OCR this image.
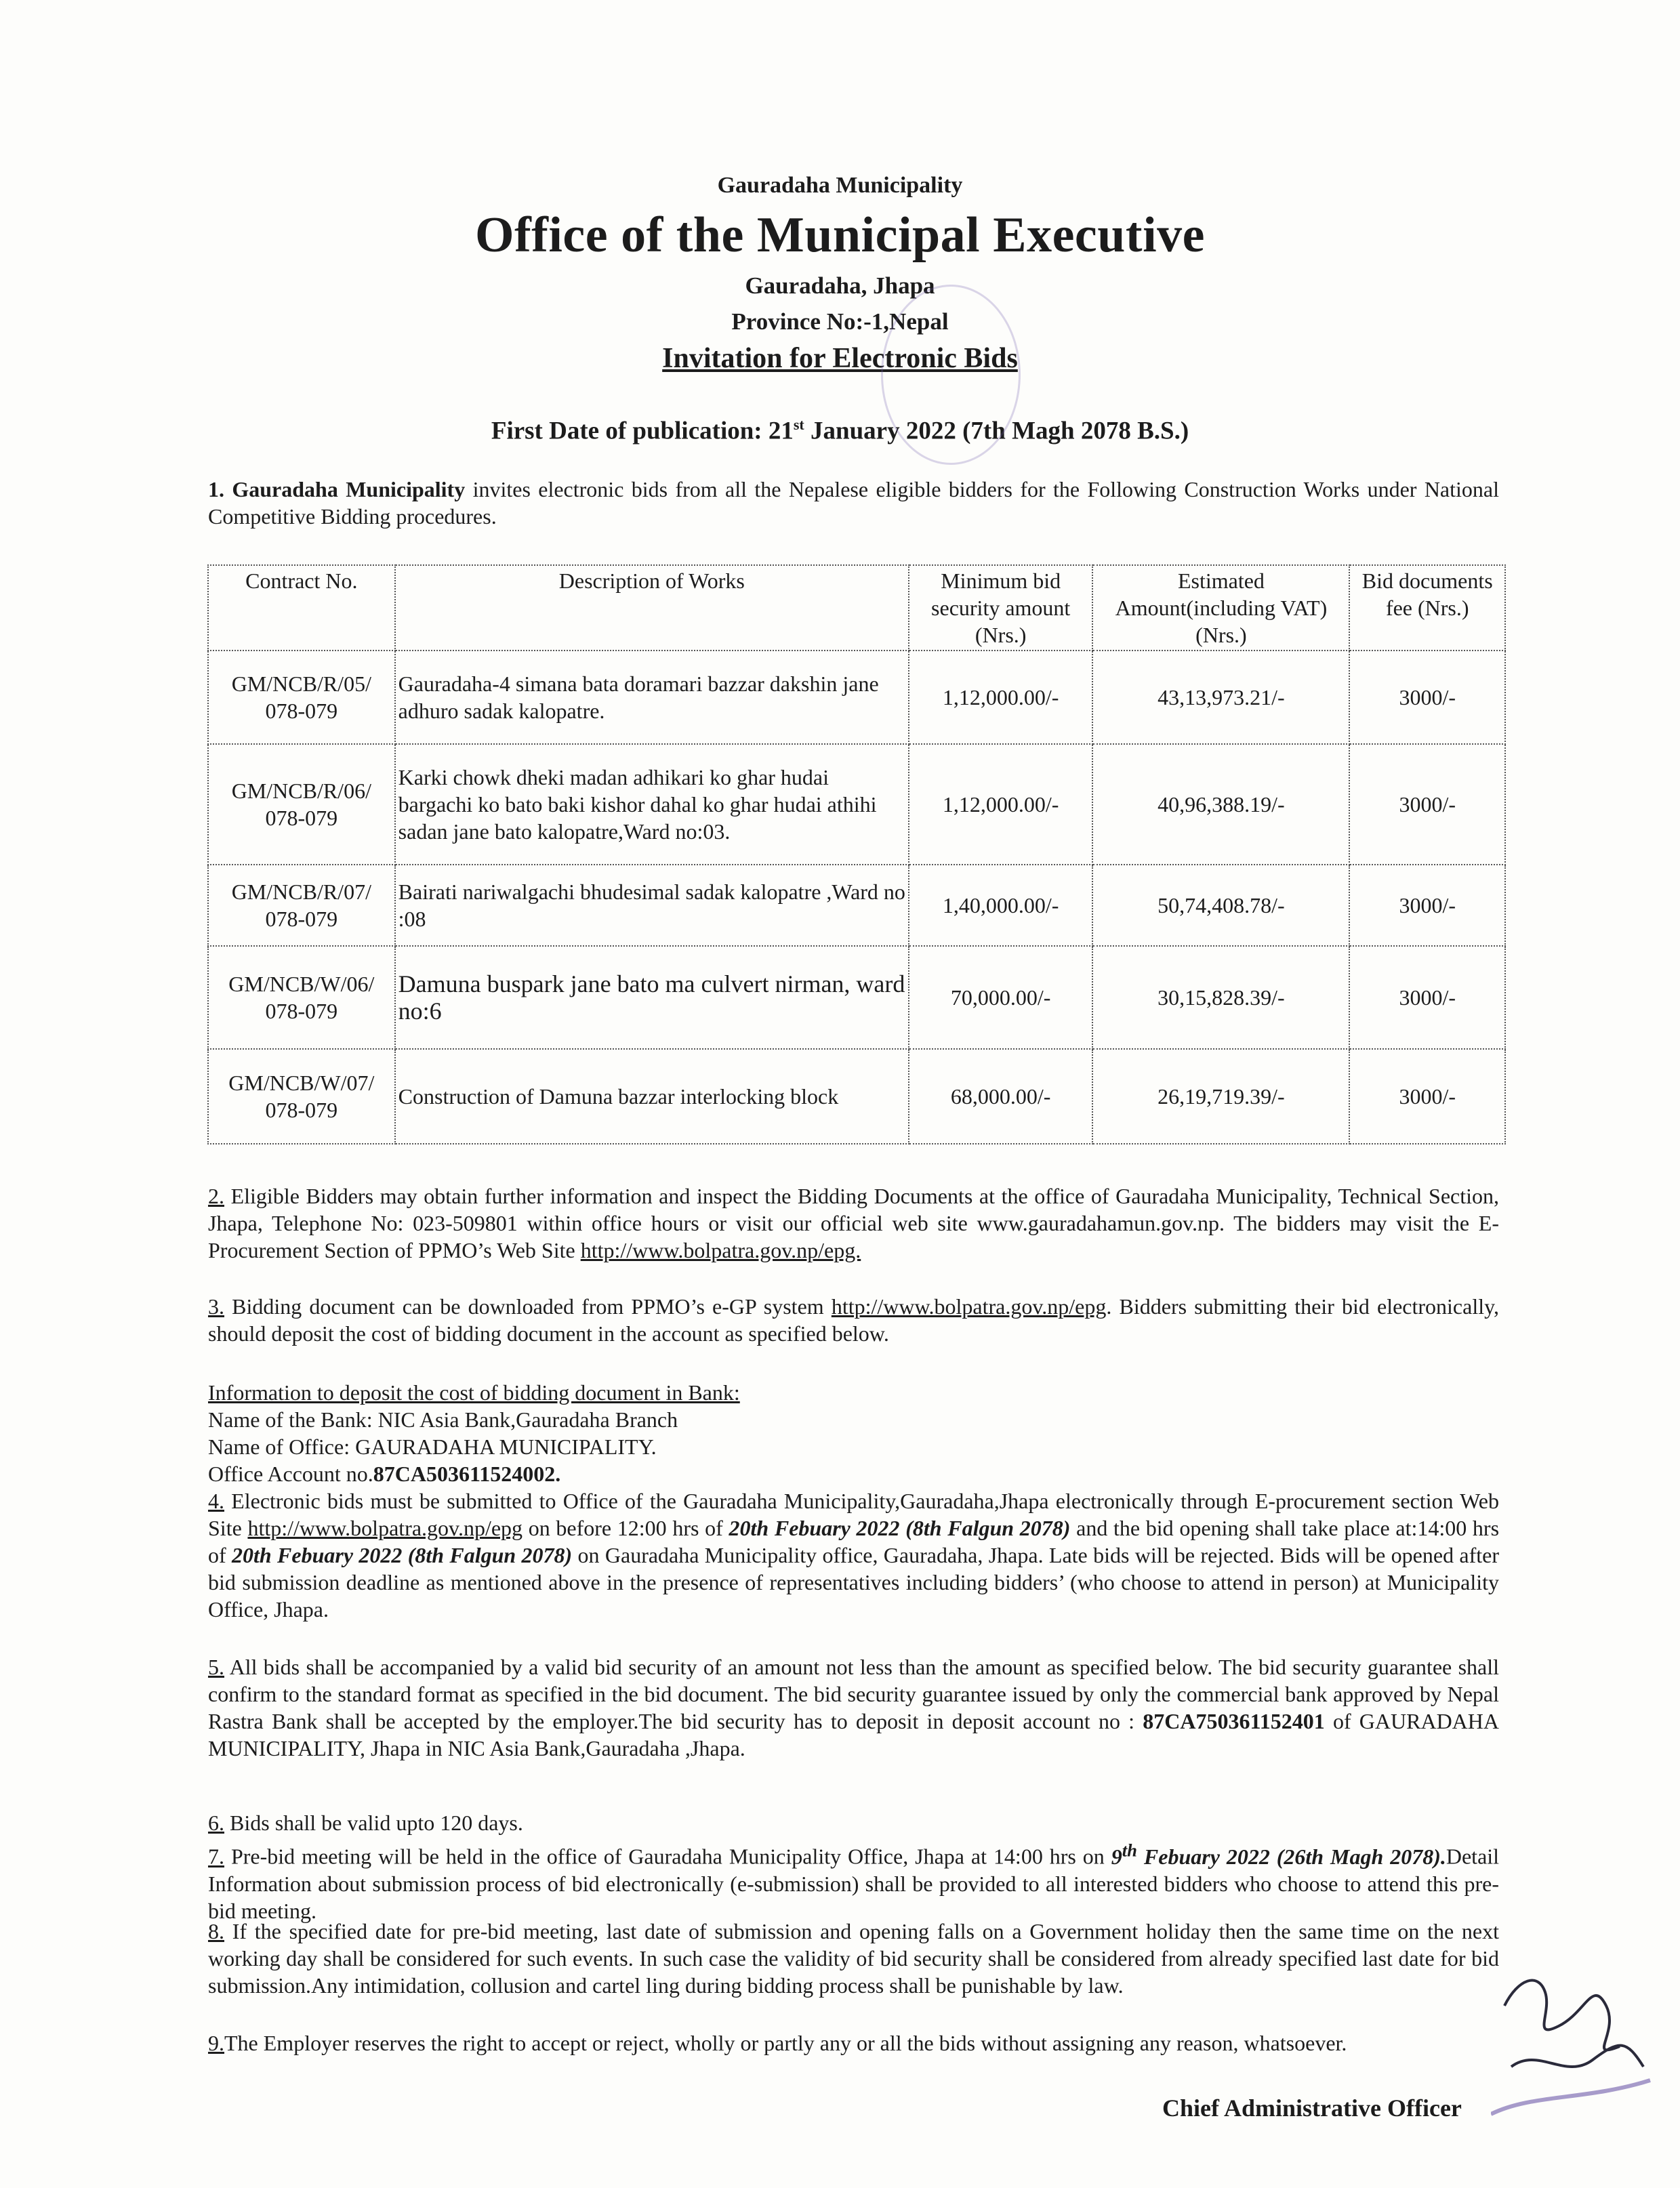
Gauradaha Municipality
Office of the Municipal Executive
Gauradaha, Jhapa
Province No:-1,Nepal
Invitation for Electronic Bids
First Date of publication: 21st January 2022 (7th Magh 2078 B.S.)
1. Gauradaha Municipality invites electronic bids from all the Nepalese eligible bidders for the Following Construction Works under National Competitive Bidding procedures.
Contract No.	Description of Works	Minimum bid security amount (Nrs.)	Estimated Amount(including VAT) (Nrs.)	Bid documents fee (Nrs.)
GM/NCB/R/05/ 078-079	Gauradaha-4 simana bata doramari bazzar dakshin jane adhuro sadak kalopatre.	1,12,000.00/-	43,13,973.21/-	3000/-
GM/NCB/R/06/ 078-079	Karki chowk dheki madan adhikari ko ghar hudai bargachi ko bato baki kishor dahal ko ghar hudai athihi sadan jane bato kalopatre,Ward no:03.	1,12,000.00/-	40,96,388.19/-	3000/-
GM/NCB/R/07/ 078-079	Bairati nariwalgachi bhudesimal sadak kalopatre ,Ward no :08	1,40,000.00/-	50,74,408.78/-	3000/-
GM/NCB/W/06/ 078-079	Damuna buspark jane bato ma culvert nirman, ward no:6	70,000.00/-	30,15,828.39/-	3000/-
GM/NCB/W/07/ 078-079	Construction of Damuna bazzar interlocking block	68,000.00/-	26,19,719.39/-	3000/-
2. Eligible Bidders may obtain further information and inspect the Bidding Documents at the office of Gauradaha Municipality, Technical Section, Jhapa, Telephone No: 023-509801 within office hours or visit our official web site www.gauradahamun.gov.np. The bidders may visit the E-Procurement Section of PPMO’s Web Site http://www.bolpatra.gov.np/epg.
3. Bidding document can be downloaded from PPMO’s e-GP system http://www.bolpatra.gov.np/epg. Bidders submitting their bid electronically, should deposit the cost of bidding document in the account as specified below.
Information to deposit the cost of bidding document in Bank:
Name of the Bank: NIC Asia Bank,Gauradaha Branch
Name of Office: GAURADAHA MUNICIPALITY.
Office Account no.87CA503611524002.
4. Electronic bids must be submitted to Office of the Gauradaha Municipality,Gauradaha,Jhapa electronically through E-procurement section Web Site http://www.bolpatra.gov.np/epg on before 12:00 hrs of 20th Febuary 2022 (8th Falgun 2078) and the bid opening shall take place at:14:00 hrs of 20th Febuary 2022 (8th Falgun 2078) on Gauradaha Municipality office, Gauradaha, Jhapa. Late bids will be rejected. Bids will be opened after bid submission deadline as mentioned above in the presence of representatives including bidders’ (who choose to attend in person) at Municipality Office, Jhapa.
5. All bids shall be accompanied by a valid bid security of an amount not less than the amount as specified below. The bid security guarantee shall confirm to the standard format as specified in the bid document. The bid security guarantee issued by only the commercial bank approved by Nepal Rastra Bank shall be accepted by the employer.The bid security has to deposit in deposit account no : 87CA750361152401 of GAURADAHA MUNICIPALITY, Jhapa in NIC Asia Bank,Gauradaha ,Jhapa.
6. Bids shall be valid upto 120 days.
7. Pre-bid meeting will be held in the office of Gauradaha Municipality Office, Jhapa at 14:00 hrs on 9th Febuary 2022 (26th Magh 2078).Detail Information about submission process of bid electronically (e-submission) shall be provided to all interested bidders who choose to attend this pre-bid meeting.
8. If the specified date for pre-bid meeting, last date of submission and opening falls on a Government holiday then the same time on the next working day shall be considered for such events. In such case the validity of bid security shall be considered from already specified last date for bid submission.Any intimidation, collusion and cartel ling during bidding process shall be punishable by law.
9.The Employer reserves the right to accept or reject, wholly or partly any or all the bids without assigning any reason, whatsoever.
Chief Administrative Officer
